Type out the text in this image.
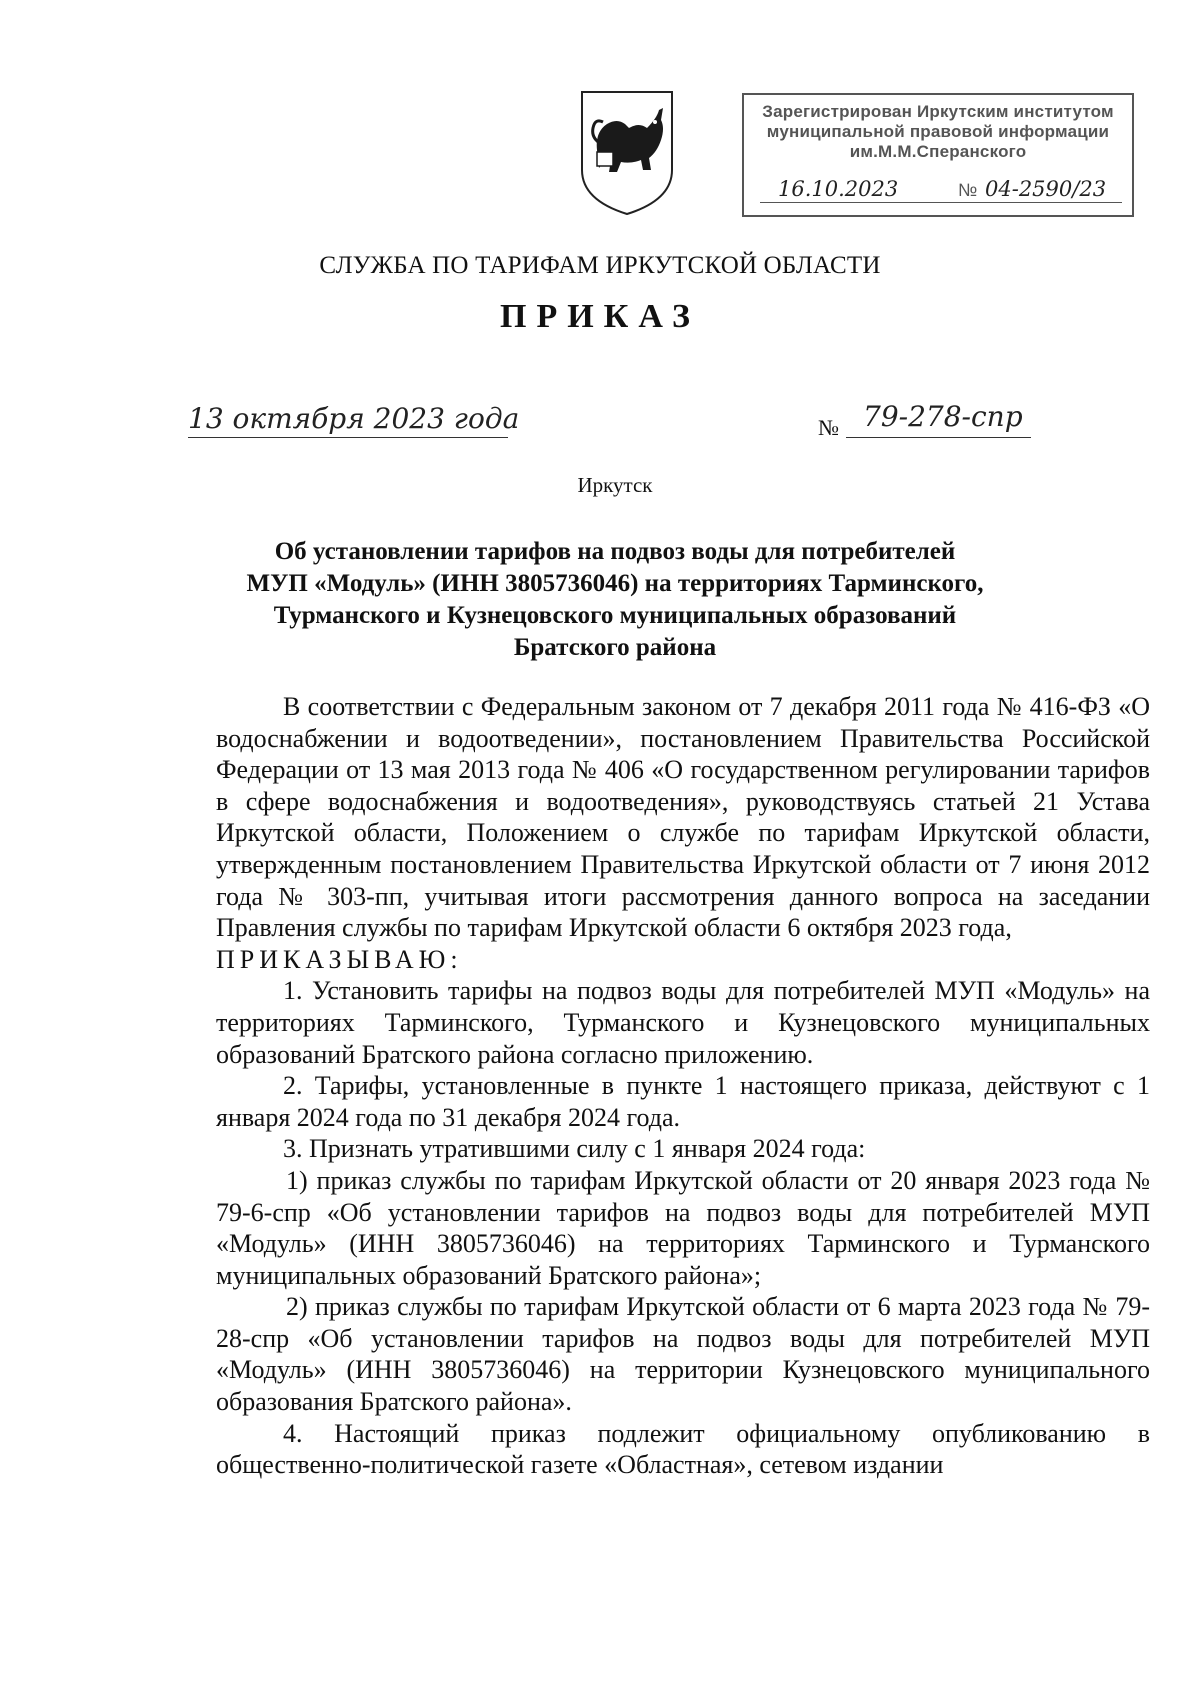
Зарегистрирован Иркутским институтом
муниципальной правовой информации
им.М.М.Сперанского
16.10.2023	№ 04-2590/23
СЛУЖБА ПО ТАРИФАМ ИРКУТСКОЙ ОБЛАСТИ
ПРИКАЗ
13 октября 2023 года	№ 79-278-спр
Иркутск
Об установлении тарифов на подвоз воды для потребителей
МУП «Модуль» (ИНН 3805736046) на территориях Тарминского,
Турманского и Кузнецовского муниципальных образований
Братского района

В соответствии с Федеральным законом от 7 декабря 2011 года № 416-ФЗ «О водоснабжении и водоотведении», постановлением Правительства Российской Федерации от 13 мая 2013 года № 406 «О государственном регулировании тарифов в сфере водоснабжения и водоотведения», руководствуясь статьей 21 Устава Иркутской области, Положением о службе по тарифам Иркутской области, утвержденным постановлением Правительства Иркутской области от 7 июня 2012 года № 303-пп, учитывая итоги рассмотрения данного вопроса на заседании Правления службы по тарифам Иркутской области 6 октября 2023 года,

ПРИКАЗЫВАЮ:

1. Установить тарифы на подвоз воды для потребителей МУП «Модуль» на территориях Тарминского, Турманского и Кузнецовского муниципальных образований Братского района согласно приложению.

2. Тарифы, установленные в пункте 1 настоящего приказа, действуют с 1 января 2024 года по 31 декабря 2024 года.

3. Признать утратившими силу с 1 января 2024 года:

1) приказ службы по тарифам Иркутской области от 20 января 2023 года № 79-6-спр «Об установлении тарифов на подвоз воды для потребителей МУП «Модуль» (ИНН 3805736046) на территориях Тарминского и Турманского муниципальных образований Братского района»;

2) приказ службы по тарифам Иркутской области от 6 марта 2023 года № 79-28-спр «Об установлении тарифов на подвоз воды для потребителей МУП «Модуль» (ИНН 3805736046) на территории Кузнецовского муниципального образования Братского района».

4. Настоящий приказ подлежит официальному опубликованию в общественно-политической газете «Областная», сетевом издании
